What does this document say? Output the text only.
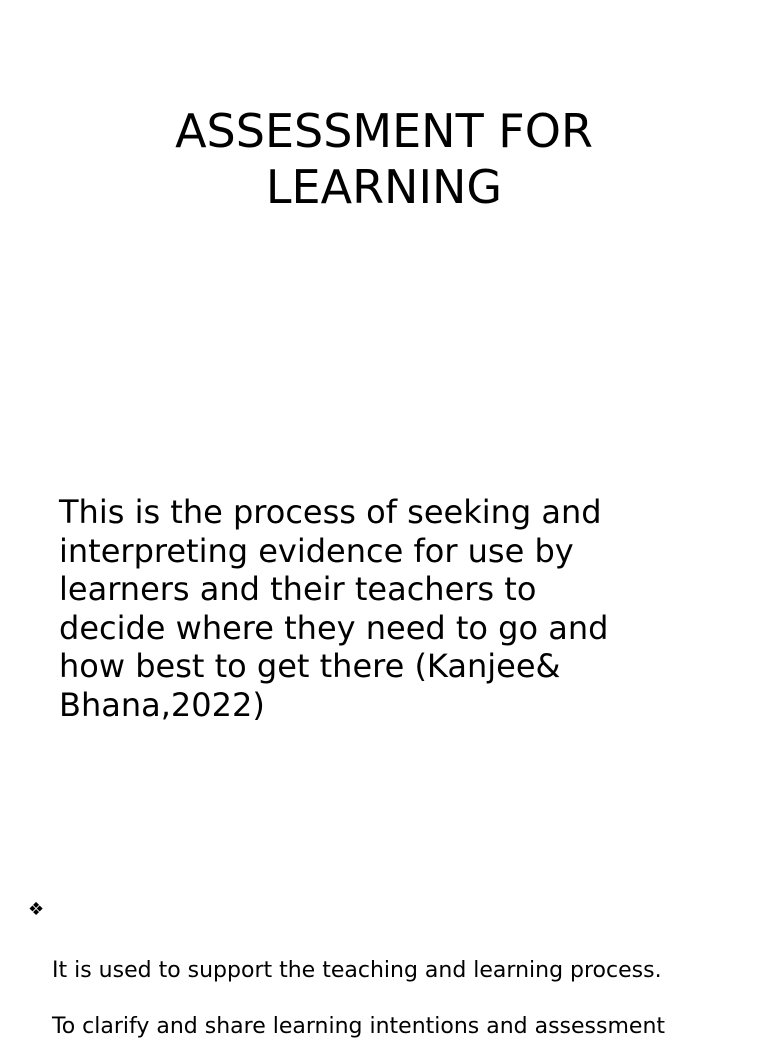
ASSESSMENT FOR
LEARNING

This is the process of seeking and
interpreting evidence for use by
learners and their teachers to
decide where they need to go and
how best to get there (Kanjee&
Bhana,2022)

❖

It is used to support the teaching and learning process.

To clarify and share learning intentions and assessment
